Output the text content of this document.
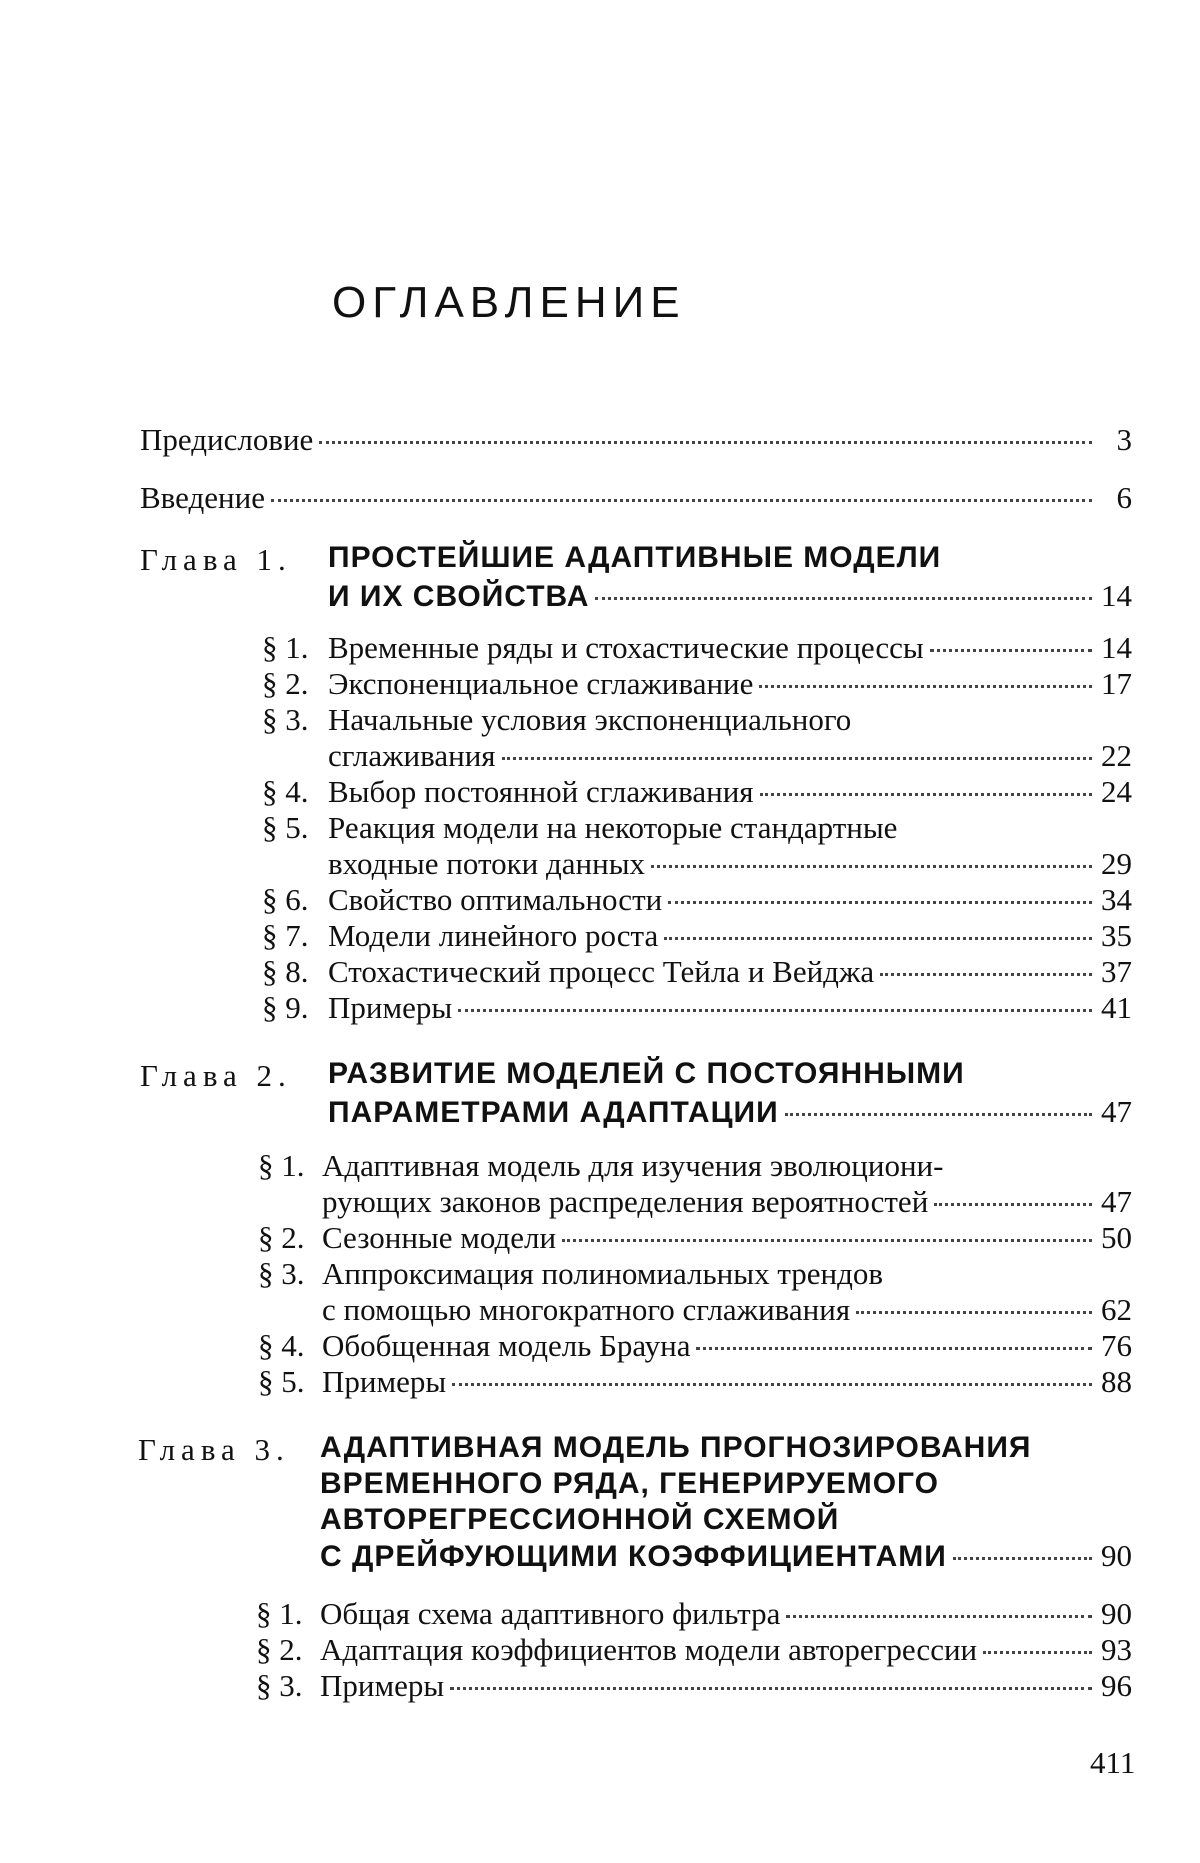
ОГЛАВЛЕНИЕ
Предисловие	3
Введение	6
Глава 1. ПРОСТЕЙШИЕ АДАПТИВНЫЕ МОДЕЛИ
И ИХ СВОЙСТВА	14
§ 1. Временные ряды и стохастические процессы	14
§ 2. Экспоненциальное сглаживание	17
§ 3. Начальные условия экспоненциального
сглаживания	22
§ 4. Выбор постоянной сглаживания	24
§ 5. Реакция модели на некоторые стандартные
входные потоки данных	29
§ 6. Свойство оптимальности	34
§ 7. Модели линейного роста	35
§ 8. Стохастический процесс Тейла и Вейджа	37
§ 9. Примеры	41
Глава 2. РАЗВИТИЕ МОДЕЛЕЙ С ПОСТОЯННЫМИ
ПАРАМЕТРАМИ АДАПТАЦИИ	47
§ 1. Адаптивная модель для изучения эволюциони-
рующих законов распределения вероятностей	47
§ 2. Сезонные модели	50
§ 3. Аппроксимация полиномиальных трендов
с помощью многократного сглаживания	62
§ 4. Обобщенная модель Брауна	76
§ 5. Примеры	88
Глава 3. АДАПТИВНАЯ МОДЕЛЬ ПРОГНОЗИРОВАНИЯ
ВРЕМЕННОГО РЯДА, ГЕНЕРИРУЕМОГО
АВТОРЕГРЕССИОННОЙ СХЕМОЙ
С ДРЕЙФУЮЩИМИ КОЭФФИЦИЕНТАМИ	90
§ 1. Общая схема адаптивного фильтра	90
§ 2. Адаптация коэффициентов модели авторегрессии	93
§ 3. Примеры	96
411
